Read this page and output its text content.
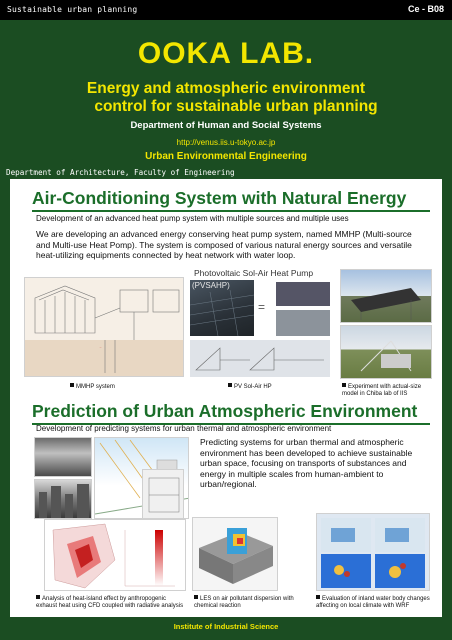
Sustainable urban planning	Ce - B08
OOKA LAB.
Energy and atmospheric environment
control for sustainable urban planning
Department of Human and Social Systems
http://venus.iis.u-tokyo.ac.jp
Urban Environmental Engineering
Department of Architecture, Faculty of Engineering
Air-Conditioning System with Natural Energy
Development of an advanced heat pump system with multiple sources and multiple uses
We are developing an advanced energy conserving heat pump system, named MMHP (Multi-source and Multi-use Heat Pomp). The system is composed of various natural energy sources and versatile heat-utilizing equipments connected by heat network with water loop.
→
Photovoltaic Sol-Air Heat Pump
(PVSAHP)
=
MMHP system	PV Sol-Air HP	Experiment with actual-size model in Chiba lab of IIS
Prediction of Urban Atmospheric Environment
Development of predicting systems for urban thermal and atmospheric environment
Predicting systems for urban thermal and atmospheric environment has been developed to achieve sustainable urban space, focusing on transports of substances and energy in multiple scales from human-ambient to urban/regional.
Analysis of heat-island effect by anthropogenic exhaust heat using CFD coupled with radiative analysis
LES on air pollutant dispersion with chemical reaction
Evaluation of inland water body changes affecting on local climate with WRF
Institute of Industrial Science
